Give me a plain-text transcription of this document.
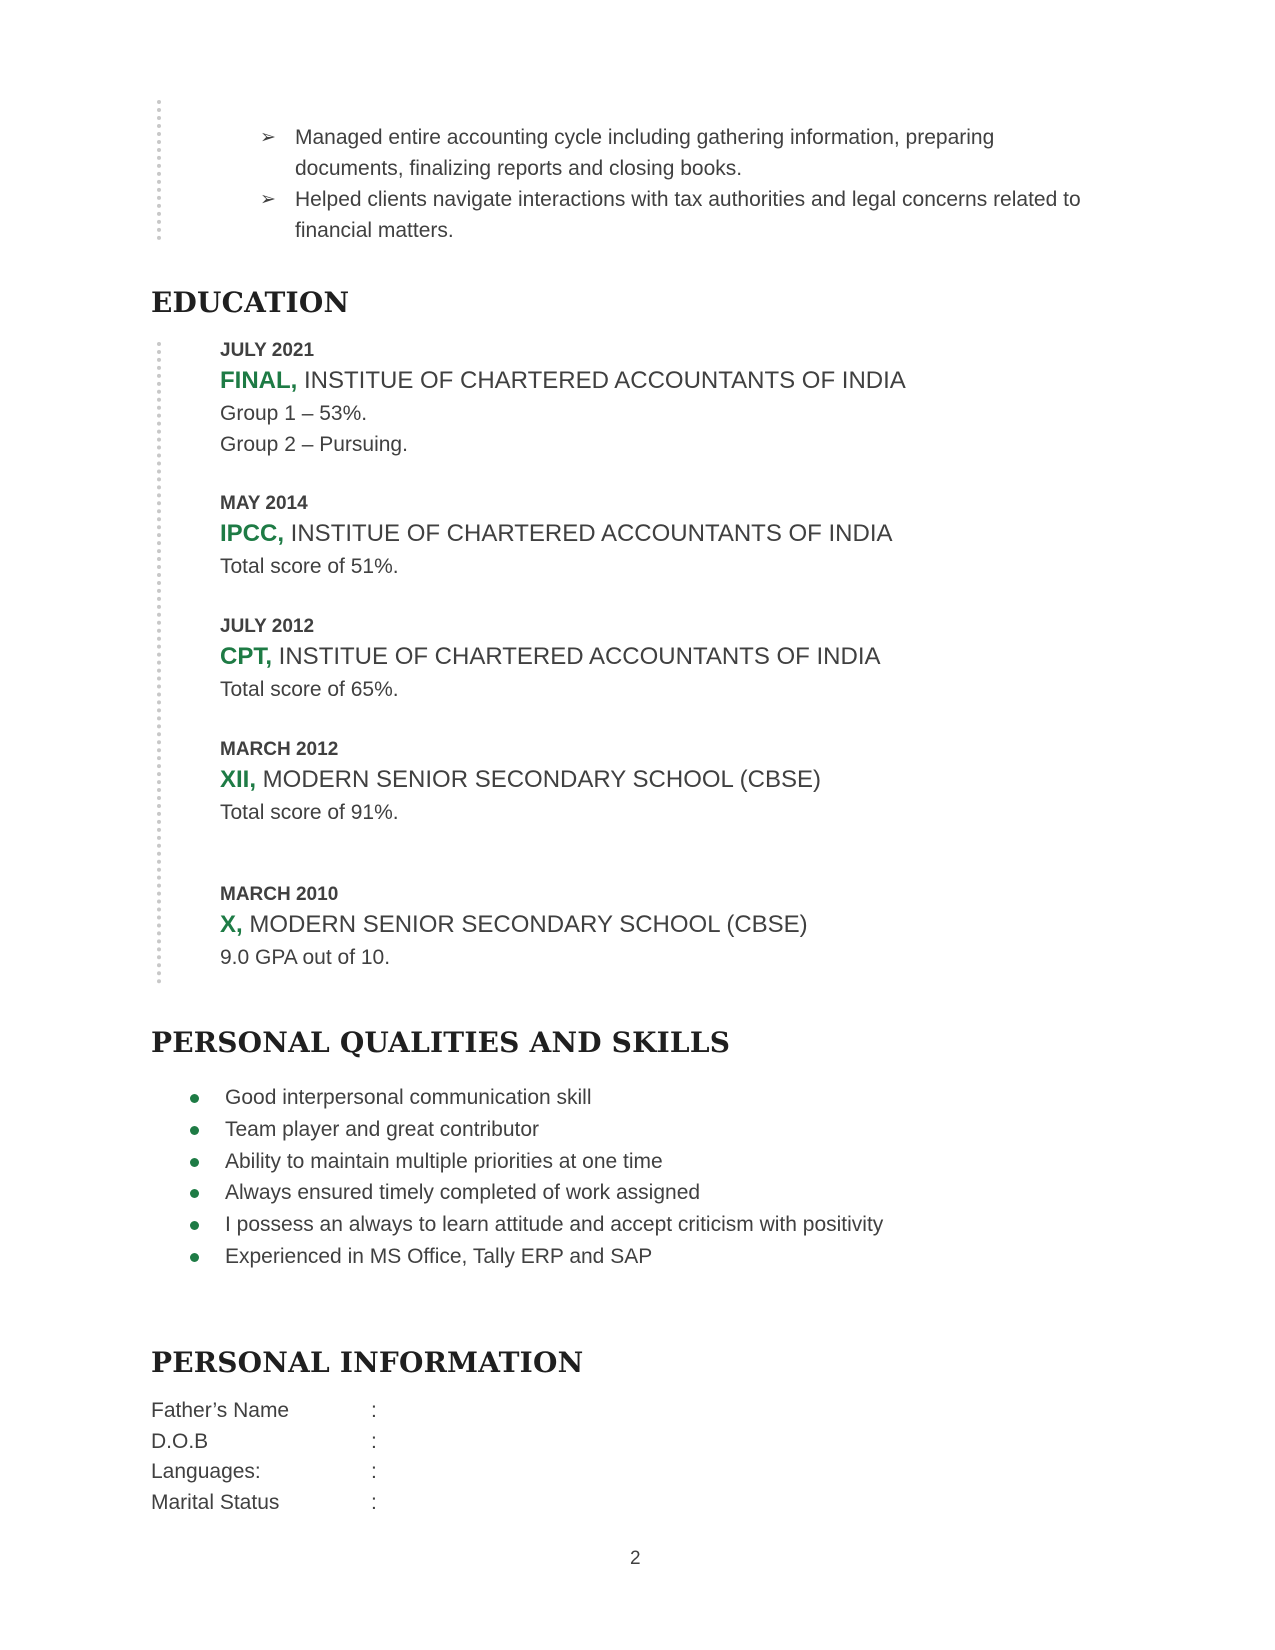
➢ Managed entire accounting cycle including gathering information, preparing documents, finalizing reports and closing books.
➢ Helped clients navigate interactions with tax authorities and legal concerns related to financial matters.
EDUCATION
JULY 2021
FINAL, INSTITUE OF CHARTERED ACCOUNTANTS OF INDIA
Group 1 – 53%.
Group 2 – Pursuing.
MAY 2014
IPCC, INSTITUE OF CHARTERED ACCOUNTANTS OF INDIA
Total score of 51%.
JULY 2012
CPT, INSTITUE OF CHARTERED ACCOUNTANTS OF INDIA
Total score of 65%.
MARCH 2012
XII, MODERN SENIOR SECONDARY SCHOOL (CBSE)
Total score of 91%.
MARCH 2010
X, MODERN SENIOR SECONDARY SCHOOL (CBSE)
9.0 GPA out of 10.
PERSONAL QUALITIES AND SKILLS
Good interpersonal communication skill
Team player and great contributor
Ability to maintain multiple priorities at one time
Always ensured timely completed of work assigned
I possess an always to learn attitude and accept criticism with positivity
Experienced in MS Office, Tally ERP and SAP
PERSONAL INFORMATION
Father’s Name	:
D.O.B	:
Languages:	:
Marital Status	:
2
